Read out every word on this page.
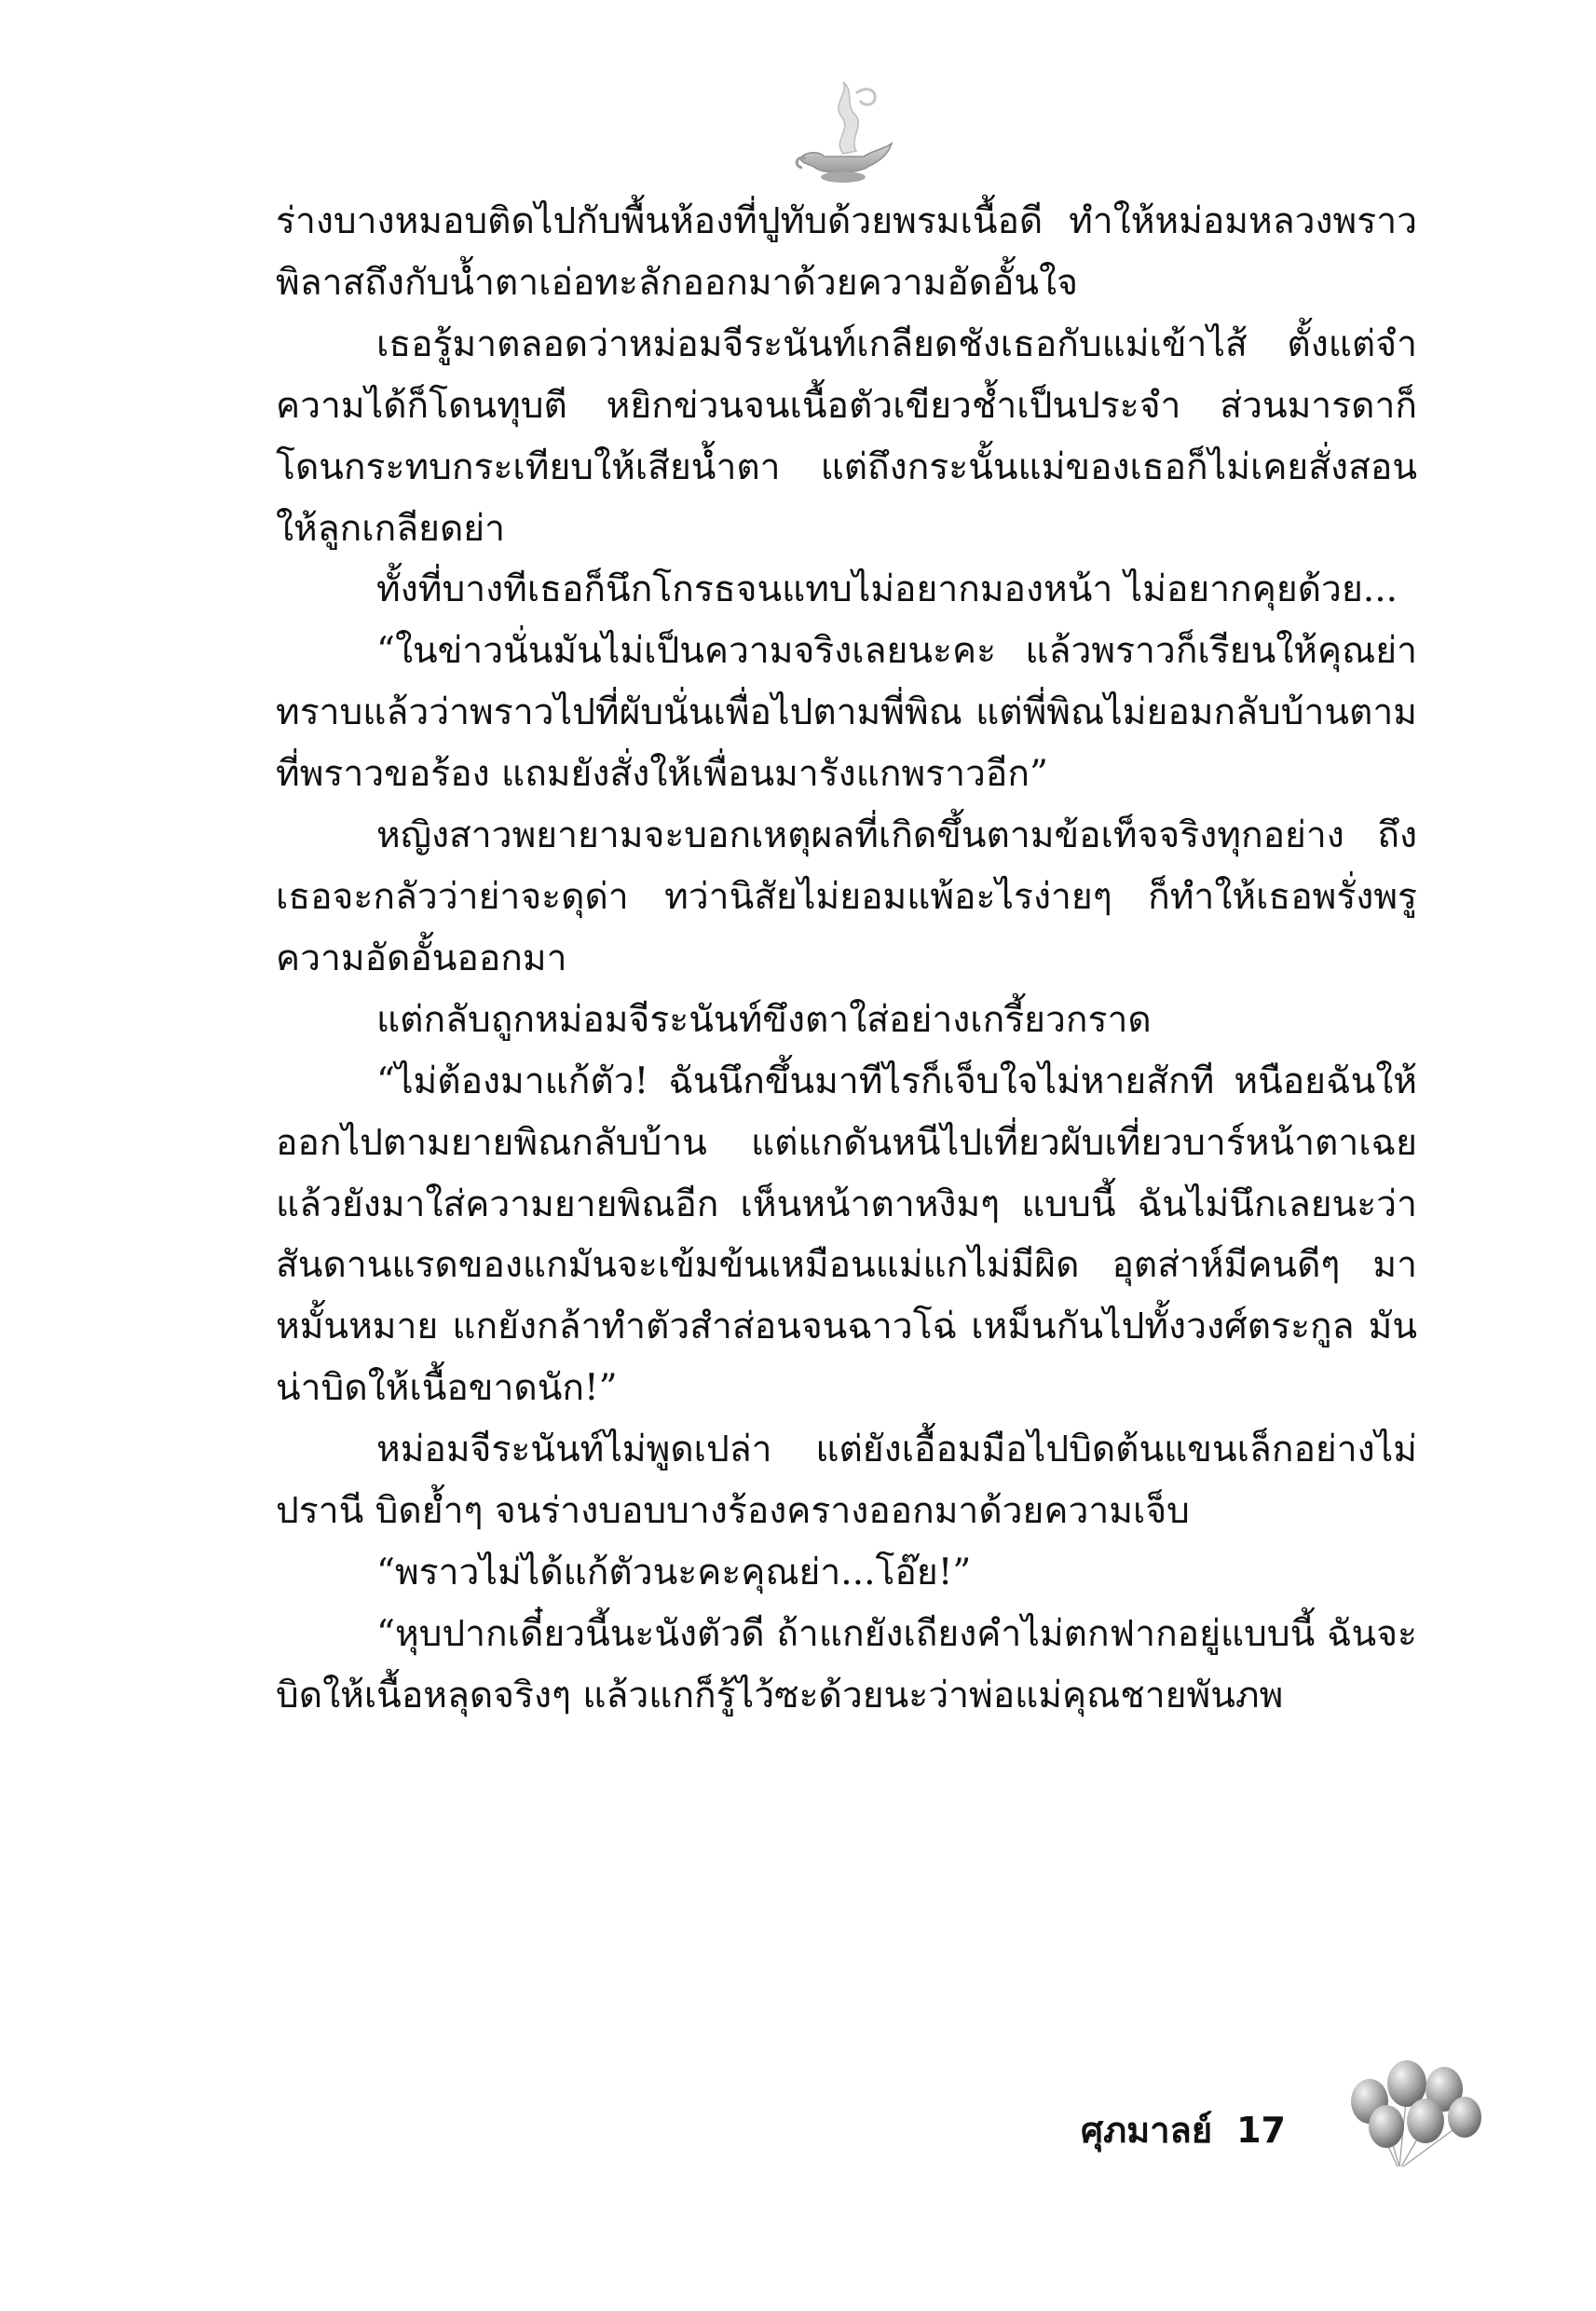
ร่างบางหมอบติดไปกับพื้นห้องที่ปูทับด้วยพรมเนื้อดี ทำให้หม่อมหลวงพราวพิลาสถึงกับน้ำตาเอ่อทะลักออกมาด้วยความอัดอั้นใจ

เธอรู้มาตลอดว่าหม่อมจีระนันท์เกลียดชังเธอกับแม่เข้าไส้ ตั้งแต่จำความได้ก็โดนทุบตี หยิกข่วนจนเนื้อตัวเขียวช้ำเป็นประจำ ส่วนมารดาก็โดนกระทบกระเทียบให้เสียน้ำตา แต่ถึงกระนั้นแม่ของเธอก็ไม่เคยสั่งสอนให้ลูกเกลียดย่า

ทั้งที่บางทีเธอก็นึกโกรธจนแทบไม่อยากมองหน้า ไม่อยากคุยด้วย...

“ในข่าวนั่นมันไม่เป็นความจริงเลยนะคะ แล้วพราวก็เรียนให้คุณย่าทราบแล้วว่าพราวไปที่ผับนั่นเพื่อไปตามพี่พิณ แต่พี่พิณไม่ยอมกลับบ้านตามที่พราวขอร้อง แถมยังสั่งให้เพื่อนมารังแกพราวอีก”

หญิงสาวพยายามจะบอกเหตุผลที่เกิดขึ้นตามข้อเท็จจริงทุกอย่าง ถึงเธอจะกลัวว่าย่าจะดุด่า ทว่านิสัยไม่ยอมแพ้อะไรง่ายๆ ก็ทำให้เธอพรั่งพรูความอัดอั้นออกมา

แต่กลับถูกหม่อมจีระนันท์ขึงตาใส่อย่างเกรี้ยวกราด

“ไม่ต้องมาแก้ตัว! ฉันนึกขึ้นมาทีไรก็เจ็บใจไม่หายสักที หนือยฉันให้ออกไปตามยายพิณกลับบ้าน แต่แกดันหนีไปเที่ยวผับเที่ยวบาร์หน้าตาเฉย แล้วยังมาใส่ความยายพิณอีก เห็นหน้าตาหงิมๆ แบบนี้ ฉันไม่นึกเลยนะว่าสันดานแรดของแกมันจะเข้มข้นเหมือนแม่แกไม่มีผิด อุตส่าห์มีคนดีๆ มาหมั้นหมาย แกยังกล้าทำตัวสำส่อนจนฉาวโฉ่ เหม็นกันไปทั้งวงศ์ตระกูล มันน่าบิดให้เนื้อขาดนัก!”

หม่อมจีระนันท์ไม่พูดเปล่า แต่ยังเอื้อมมือไปบิดต้นแขนเล็กอย่างไม่ปรานี บิดย้ำๆ จนร่างบอบบางร้องครางออกมาด้วยความเจ็บ

“พราวไม่ได้แก้ตัวนะคะคุณย่า...โอ๊ย!”

“หุบปากเดี๋ยวนี้นะนังตัวดี ถ้าแกยังเถียงคำไม่ตกฟากอยู่แบบนี้ ฉันจะบิดให้เนื้อหลุดจริงๆ แล้วแกก็รู้ไว้ซะด้วยนะว่าพ่อแม่คุณชายพันภพ

ศุภมาลย์ 17
